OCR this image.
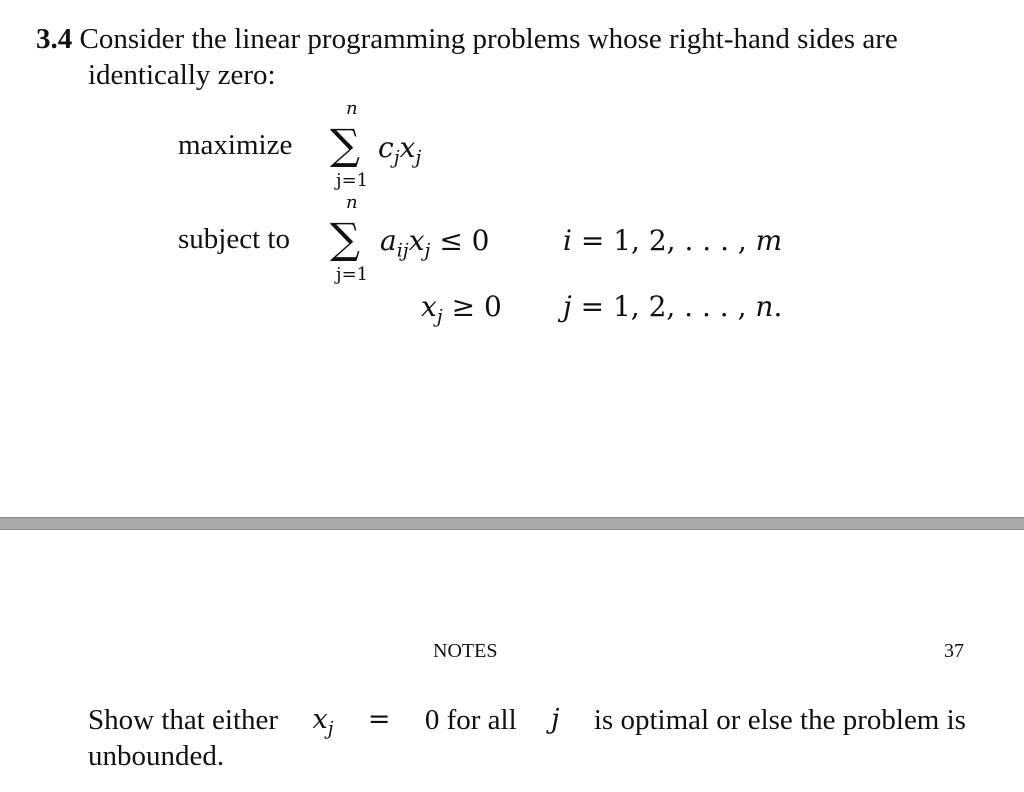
3.4 Consider the linear programming problems whose right-hand sides are
identically zero:
maximize
n
∑
j=1
$c_jx_j$
subject to
n
∑
j=1
$a_{ij}x_j \le 0$	i = 1, 2, . . . , m
$x_j \ge 0$ j = 1, 2, . . . , n.
NOTES	37
Show that either $x_j = 0$ for all j is optimal or else the problem is
unbounded.
